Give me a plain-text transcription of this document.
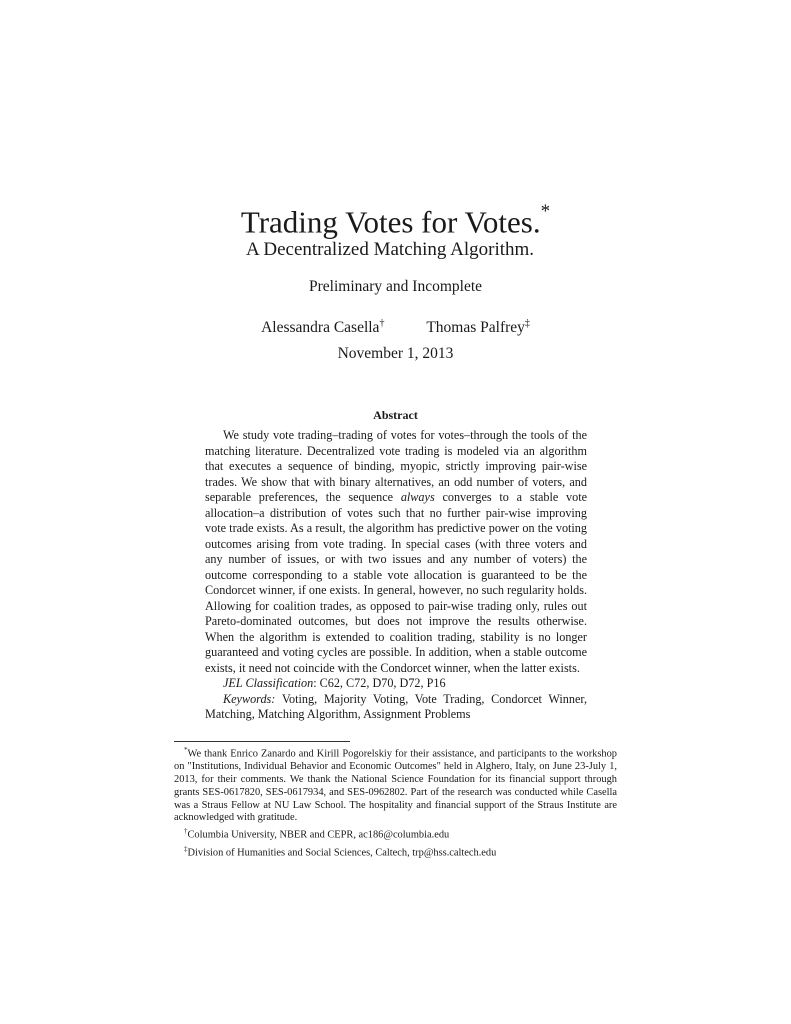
Trading Votes for Votes.*
A Decentralized Matching Algorithm.
Preliminary and Incomplete
Alessandra Casella†	Thomas Palfrey‡
November 1, 2013
Abstract

We study vote trading–trading of votes for votes–through the tools of the matching literature. Decentralized vote trading is modeled via an algorithm that executes a sequence of binding, myopic, strictly improving pair-wise trades. We show that with binary alternatives, an odd number of voters, and separable preferences, the sequence always converges to a stable vote allocation–a distribution of votes such that no further pair-wise improving vote trade exists. As a result, the algorithm has predictive power on the voting outcomes arising from vote trading. In special cases (with three voters and any number of issues, or with two issues and any number of voters) the outcome corresponding to a stable vote allocation is guaranteed to be the Condorcet winner, if one exists. In general, however, no such regularity holds. Allowing for coalition trades, as opposed to pair-wise trading only, rules out Pareto-dominated outcomes, but does not improve the results otherwise. When the algorithm is extended to coalition trading, stability is no longer guaranteed and voting cycles are possible. In addition, when a stable outcome exists, it need not coincide with the Condorcet winner, when the latter exists.

JEL Classification: C62, C72, D70, D72, P16

Keywords: Voting, Majority Voting, Vote Trading, Condorcet Winner, Matching, Matching Algorithm, Assignment Problems

*We thank Enrico Zanardo and Kirill Pogorelskiy for their assistance, and participants to the workshop on "Institutions, Individual Behavior and Economic Outcomes" held in Alghero, Italy, on June 23-July 1, 2013, for their comments. We thank the National Science Foundation for its financial support through grants SES-0617820, SES-0617934, and SES-0962802. Part of the research was conducted while Casella was a Straus Fellow at NU Law School. The hospitality and financial support of the Straus Institute are acknowledged with gratitude.

†Columbia University, NBER and CEPR, ac186@columbia.edu

‡Division of Humanities and Social Sciences, Caltech, trp@hss.caltech.edu
